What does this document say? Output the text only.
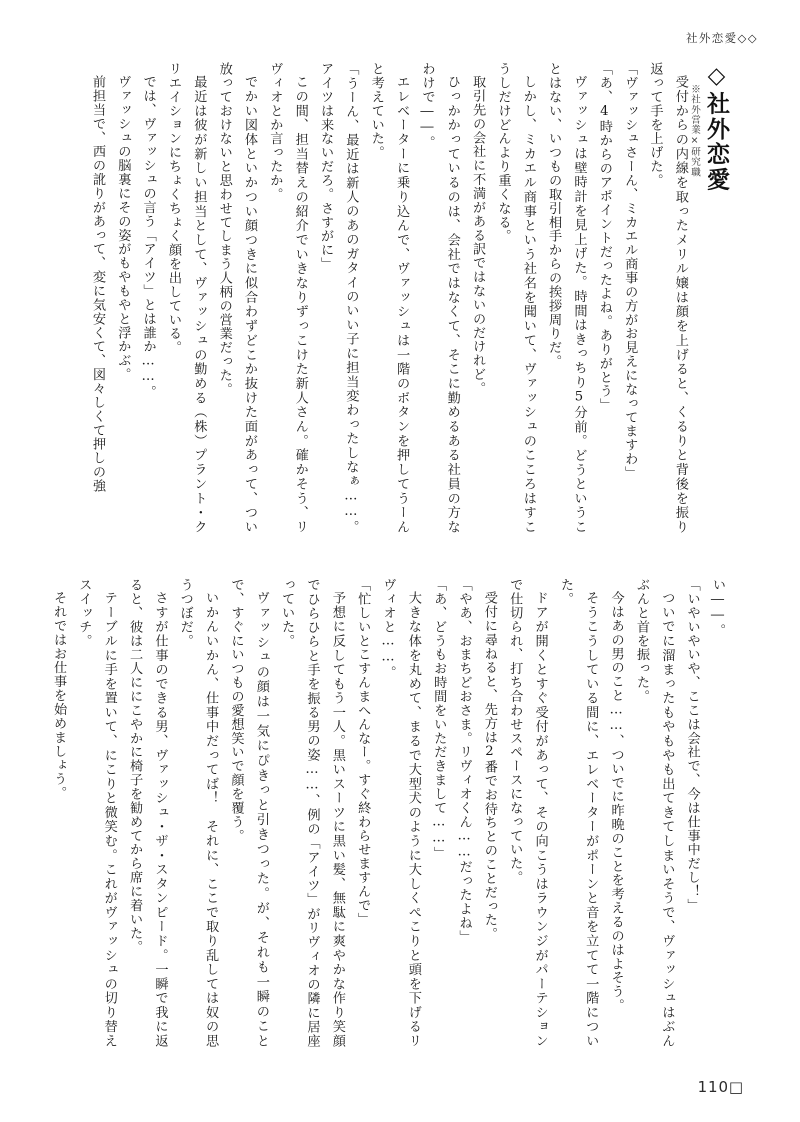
社外恋愛◇◇
◇社外恋愛
※社外営業×研究職
受付からの内線を取ったメリル嬢は顔を上げると、くるりと背後を振り返って手を上げた。
「ヴァッシュさーん、ミカエル商事の方がお見えになってますわ」
「あ、4時からのアポイントだったよね。ありがとう」
ヴァッシュは壁時計を見上げた。時間はきっちり5分前。どうということはない、いつもの取引相手からの挨拶周りだ。
しかし、ミカエル商事という社名を聞いて、ヴァッシュのこころはすこうしだけどんより重くなる。
取引先の会社に不満がある訳ではないのだけれど。
ひっかかっているのは、会社ではなくて、そこに勤めるある社員の方なわけで――。
エレベーターに乗り込んで、ヴァッシュは一階のボタンを押してうーんと考えていた。
「うーん、最近は新人のあのガタイのいい子に担当変わったしなぁ……。アイツは来ないだろ。さすがに」
この間、担当替えの紹介でいきなりずっこけた新人さん。確かそう、リヴィオとか言ったか。
でかい図体といかつい顔つきに似合わずどこか抜けた面があって、つい放っておけないと思わせてしまう人柄の営業だった。
最近は彼が新しい担当として、ヴァッシュの勤める（株）プラント・クリエイションにちょくちょく顔を出している。
では、ヴァッシュの言う「アイツ」とは誰か……。
ヴァッシュの脳裏にその姿がもやもやと浮かぶ。
前担当で、西の訛りがあって、変に気安くて、図々しくて押しの強
い――。
「いやいやいや、ここは会社で、今は仕事中だし！」
ついでに溜まったもやもやも出てきてしまいそうで、ヴァッシュはぶんぶんと首を振った。
今はあの男のこと……、ついでに昨晩のことを考えるのはよそう。
そうこうしている間に、エレベーターがポーンと音を立てて一階についた。
ドアが開くとすぐ受付があって、その向こうはラウンジがパーテションで仕切られ、打ち合わせスペースになっていた。
受付に尋ねると、先方は2番でお待ちとのことだった。
「やあ、おまちどおさま。リヴィオくん……だったよね」
「あ、どうもお時間をいただきまして……」
大きな体を丸めて、まるで大型犬のように大しくぺこりと頭を下げるリヴィオと……。
「忙しいとこすんまへんなー。すぐ終わらせますんで」
予想に反してもう一人。黒いスーツに黒い髪、無駄に爽やかな作り笑顔でひらひらと手を振る男の姿……、例の「アイツ」がリヴィオの隣に居座っていた。
ヴァッシュの顔は一気にぴきっと引きつった。が、それも一瞬のことで、すぐにいつもの愛想笑いで顔を覆う。
いかんいかん、仕事中だってば！　それに、ここで取り乱しては奴の思うつぼだ。
さすが仕事のできる男、ヴァッシュ・ザ・スタンピード。一瞬で我に返ると、彼は二人ににこやかに椅子を勧めてから席に着いた。
テーブルに手を置いて、にこりと微笑む。これがヴァッシュの切り替えスイッチ。
それではお仕事を始めましょう。
110□
